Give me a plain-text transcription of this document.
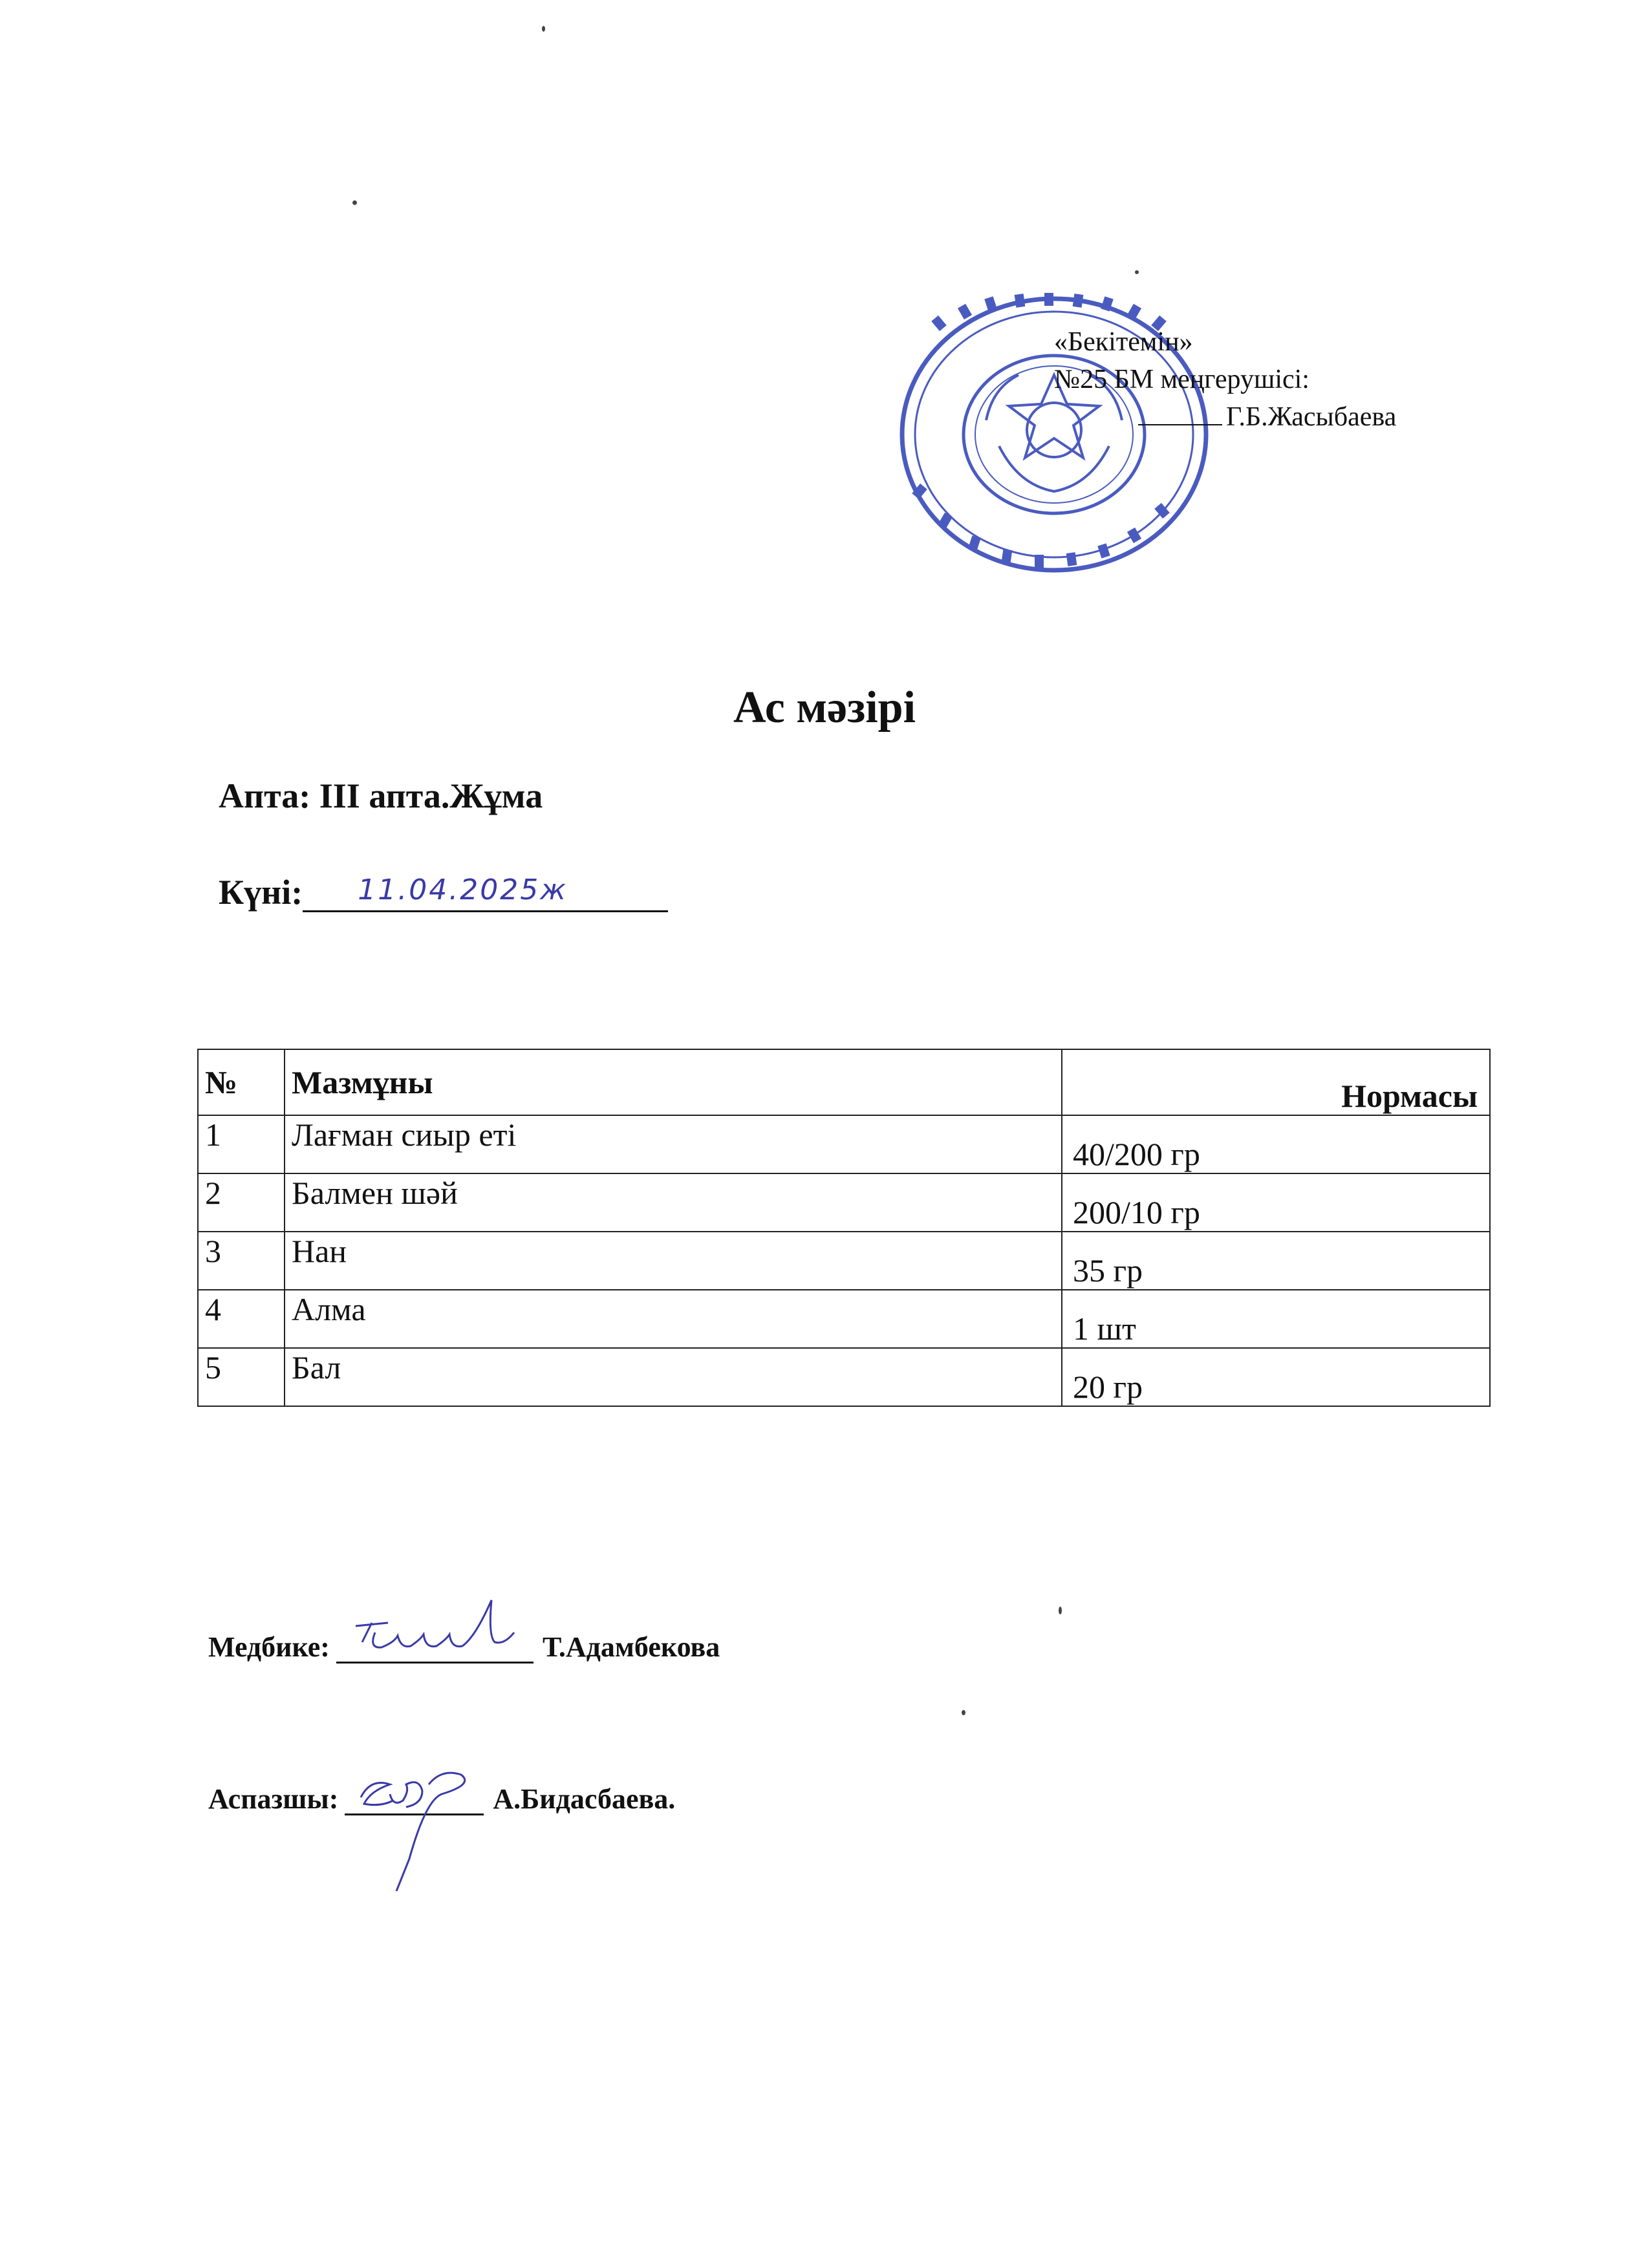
«Бекітемін»
№25 БМ меңгерушісі:
Г.Б.Жасыбаева
Ас мәзірі
Апта: III апта.Жұма
Күні: 11.04.2025ж
№	Мазмұны	Нормасы
1	Лағман сиыр еті	40/200 гр
2	Балмен шәй	200/10 гр
3	Нан	35 гр
4	Алма	1 шт
5	Бал	20 гр
Медбике:	Т.Адамбекова
Аспазшы:	А.Бидасбаева.
